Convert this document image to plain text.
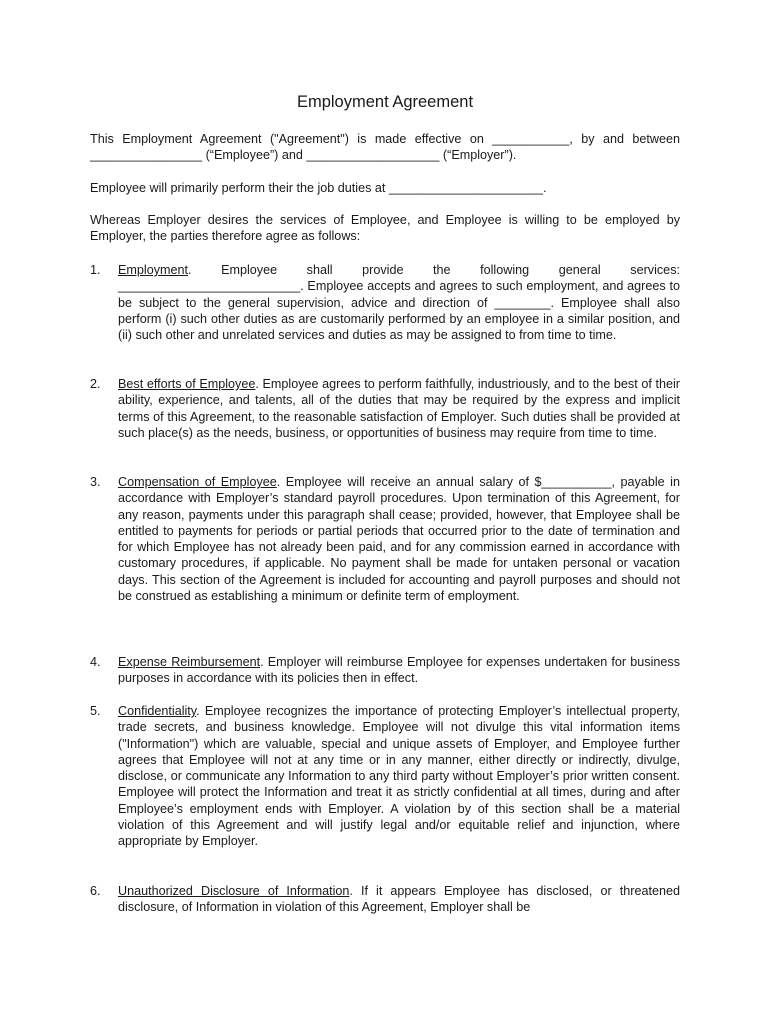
Employment Agreement
This Employment Agreement ("Agreement") is made effective on ___________, by and between ________________ (“Employee”) and ___________________ (“Employer”).
Employee will primarily perform their the job duties at ______________________.
Whereas Employer desires the services of Employee, and Employee is willing to be employed by Employer, the parties therefore agree as follows:
1. Employment. Employee shall provide the following general services: __________________________. Employee accepts and agrees to such employment, and agrees to be subject to the general supervision, advice and direction of ________. Employee shall also perform (i) such other duties as are customarily performed by an employee in a similar position, and (ii) such other and unrelated services and duties as may be assigned to from time to time.
2. Best efforts of Employee. Employee agrees to perform faithfully, industriously, and to the best of their ability, experience, and talents, all of the duties that may be required by the express and implicit terms of this Agreement, to the reasonable satisfaction of Employer. Such duties shall be provided at such place(s) as the needs, business, or opportunities of business may require from time to time.
3. Compensation of Employee. Employee will receive an annual salary of $__________, payable in accordance with Employer’s standard payroll procedures. Upon termination of this Agreement, for any reason, payments under this paragraph shall cease; provided, however, that Employee shall be entitled to payments for periods or partial periods that occurred prior to the date of termination and for which Employee has not already been paid, and for any commission earned in accordance with customary procedures, if applicable. No payment shall be made for untaken personal or vacation days. This section of the Agreement is included for accounting and payroll purposes and should not be construed as establishing a minimum or definite term of employment.
4. Expense Reimbursement. Employer will reimburse Employee for expenses undertaken for business purposes in accordance with its policies then in effect.
5. Confidentiality. Employee recognizes the importance of protecting Employer’s intellectual property, trade secrets, and business knowledge. Employee will not divulge this vital information items ("Information") which are valuable, special and unique assets of Employer, and Employee further agrees that Employee will not at any time or in any manner, either directly or indirectly, divulge, disclose, or communicate any Information to any third party without Employer’s prior written consent. Employee will protect the Information and treat it as strictly confidential at all times, during and after Employee’s employment ends with Employer. A violation by of this section shall be a material violation of this Agreement and will justify legal and/or equitable relief and injunction, where appropriate by Employer.
6. Unauthorized Disclosure of Information. If it appears Employee has disclosed, or threatened disclosure, of Information in violation of this Agreement, Employer shall be
